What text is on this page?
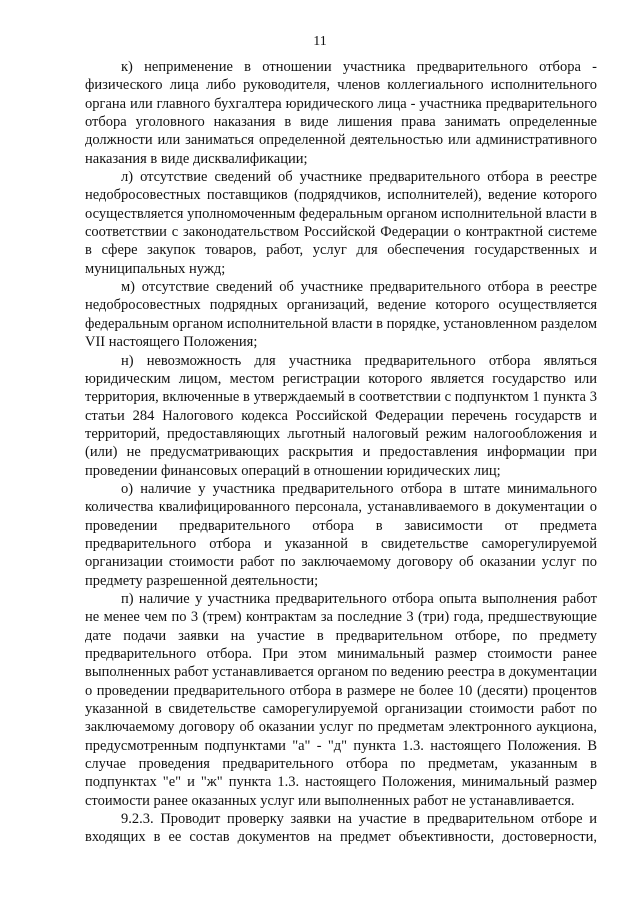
11

к) неприменение в отношении участника предварительного отбора - физического лица либо руководителя, членов коллегиального исполнительного органа или главного бухгалтера юридического лица - участника предварительного отбора уголовного наказания в виде лишения права занимать определенные должности или заниматься определенной деятельностью или административного наказания в виде дисквалификации;

л) отсутствие сведений об участнике предварительного отбора в реестре недобросовестных поставщиков (подрядчиков, исполнителей), ведение которого осуществляется уполномоченным федеральным органом исполнительной власти в соответствии с законодательством Российской Федерации о контрактной системе в сфере закупок товаров, работ, услуг для обеспечения государственных и муниципальных нужд;

м) отсутствие сведений об участнике предварительного отбора в реестре недобросовестных подрядных организаций, ведение которого осуществляется федеральным органом исполнительной власти в порядке, установленном разделом VII настоящего Положения;

н) невозможность для участника предварительного отбора являться юридическим лицом, местом регистрации которого является государство или территория, включенные в утверждаемый в соответствии с подпунктом 1 пункта 3 статьи 284 Налогового кодекса Российской Федерации перечень государств и территорий, предоставляющих льготный налоговый режим налогообложения и (или) не предусматривающих раскрытия и предоставления информации при проведении финансовых операций в отношении юридических лиц;

о) наличие у участника предварительного отбора в штате минимального количества квалифицированного персонала, устанавливаемого в документации о проведении предварительного отбора в зависимости от предмета предварительного отбора и указанной в свидетельстве саморегулируемой организации стоимости работ по заключаемому договору об оказании услуг по предмету разрешенной деятельности;

п) наличие у участника предварительного отбора опыта выполнения работ не менее чем по 3 (трем) контрактам за последние 3 (три) года, предшествующие дате подачи заявки на участие в предварительном отборе, по предмету предварительного отбора. При этом минимальный размер стоимости ранее выполненных работ устанавливается органом по ведению реестра в документации о проведении предварительного отбора в размере не более 10 (десяти) процентов указанной в свидетельстве саморегулируемой организации стоимости работ по заключаемому договору об оказании услуг по предметам электронного аукциона, предусмотренным подпунктами "а" - "д" пункта 1.3. настоящего Положения. В случае проведения предварительного отбора по предметам, указанным в подпунктах "е" и "ж" пункта 1.3. настоящего Положения, минимальный размер стоимости ранее оказанных услуг или выполненных работ не устанавливается.

9.2.3. Проводит проверку заявки на участие в предварительном отборе и входящих в ее состав документов на предмет объективности, достоверности,
